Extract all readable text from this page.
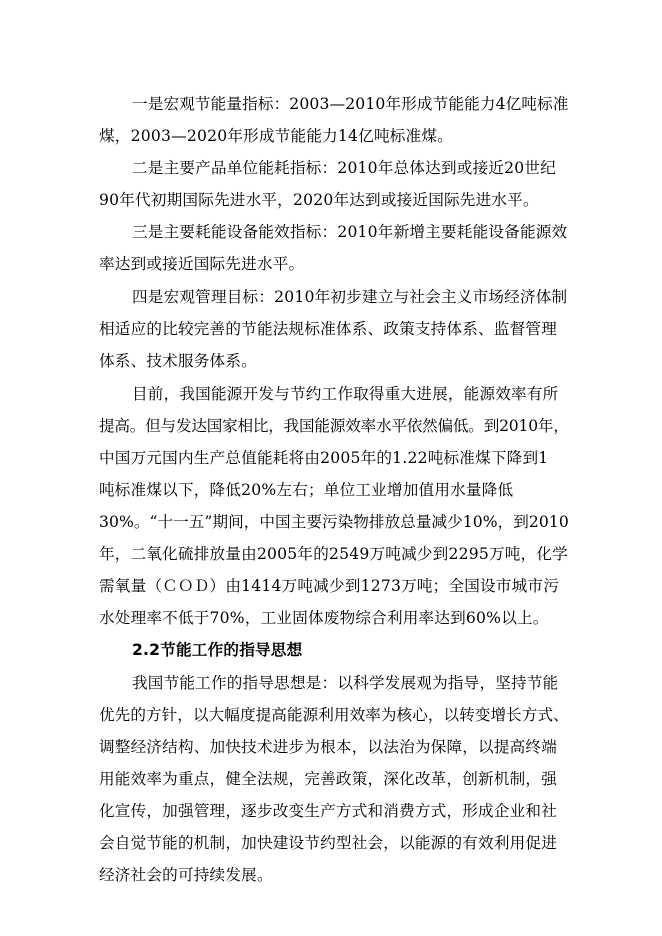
一是宏观节能量指标：2003—2010年形成节能能力4亿吨标准
煤，2003—2020年形成节能能力14亿吨标准煤。
二是主要产品单位能耗指标：2010年总体达到或接近20世纪
90年代初期国际先进水平，2020年达到或接近国际先进水平。
三是主要耗能设备能效指标：2010年新增主要耗能设备能源效
率达到或接近国际先进水平。
四是宏观管理目标：2010年初步建立与社会主义市场经济体制
相适应的比较完善的节能法规标准体系、政策支持体系、监督管理
体系、技术服务体系。
目前，我国能源开发与节约工作取得重大进展，能源效率有所
提高。但与发达国家相比，我国能源效率水平依然偏低。到2010年，
中国万元国内生产总值能耗将由2005年的1.22吨标准煤下降到1
吨标准煤以下，降低20%左右；单位工业增加值用水量降低
30%。“十一五”期间，中国主要污染物排放总量减少10%，到2010
年，二氧化硫排放量由2005年的2549万吨减少到2295万吨，化学
需氧量（ＣＯＤ）由1414万吨减少到1273万吨；全国设市城市污
水处理率不低于70%，工业固体废物综合利用率达到60%以上。
2.2节能工作的指导思想
我国节能工作的指导思想是：以科学发展观为指导，坚持节能
优先的方针，以大幅度提高能源利用效率为核心，以转变增长方式、
调整经济结构、加快技术进步为根本，以法治为保障，以提高终端
用能效率为重点，健全法规，完善政策，深化改革，创新机制，强
化宣传，加强管理，逐步改变生产方式和消费方式，形成企业和社
会自觉节能的机制，加快建设节约型社会，以能源的有效利用促进
经济社会的可持续发展。
